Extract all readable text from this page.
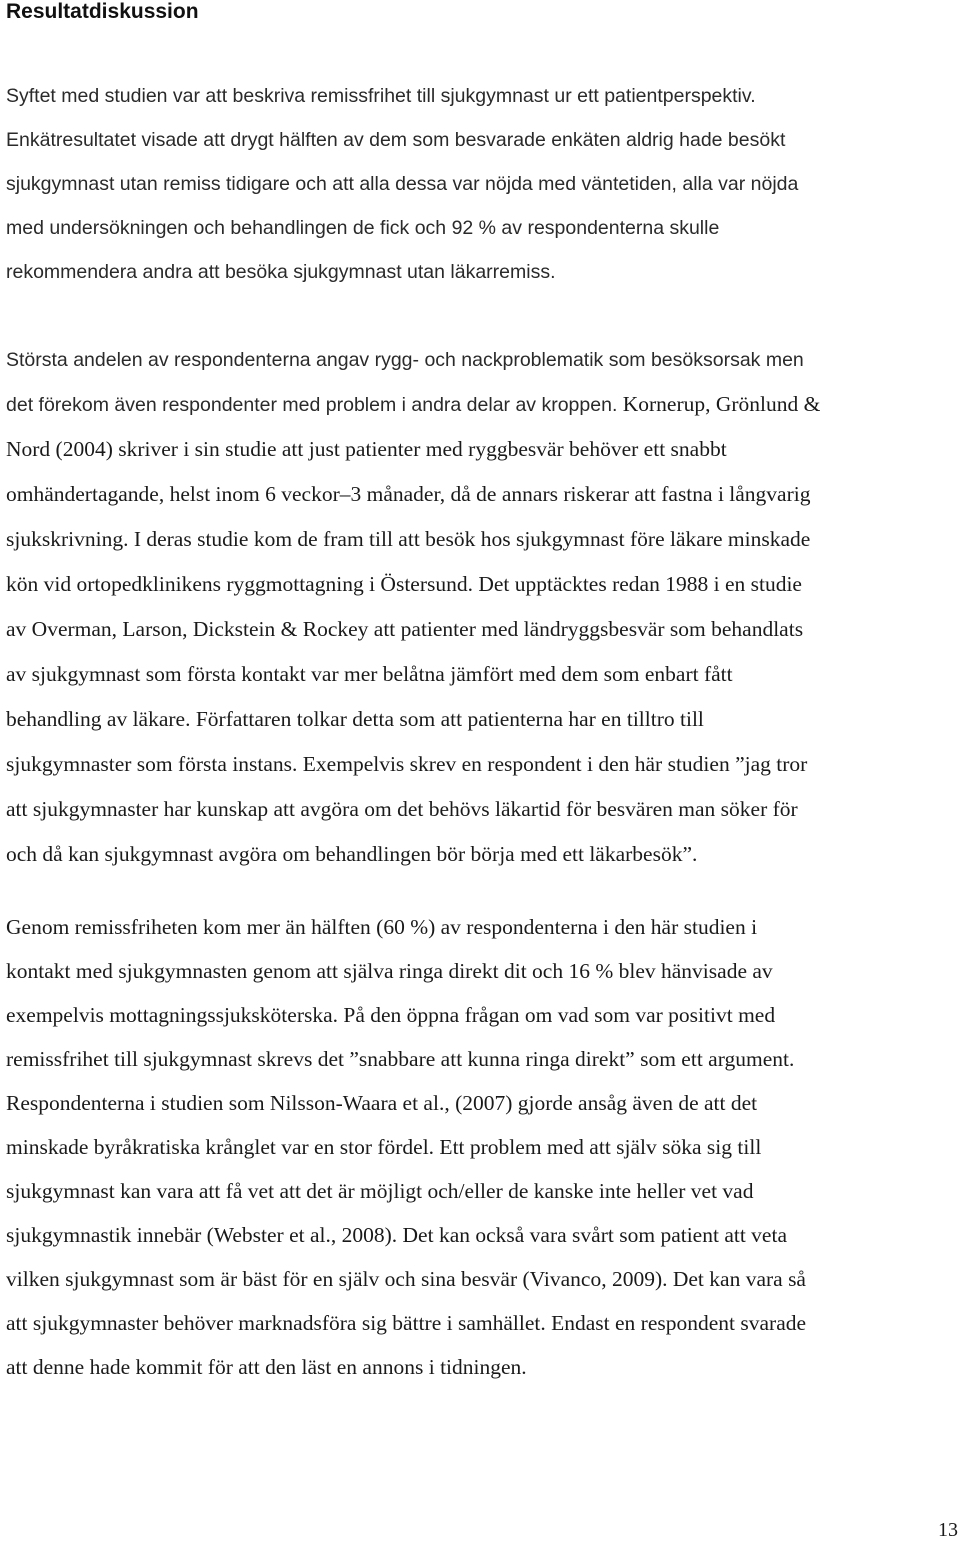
Resultatdiskussion
Syftet med studien var att beskriva remissfrihet till sjukgymnast ur ett patientperspektiv.
Enkätresultatet visade att drygt hälften av dem som besvarade enkäten aldrig hade besökt
sjukgymnast utan remiss tidigare och att alla dessa var nöjda med väntetiden, alla var nöjda
med undersökningen och behandlingen de fick och 92 % av respondenterna skulle
rekommendera andra att besöka sjukgymnast utan läkarremiss.
Största andelen av respondenterna angav rygg- och nackproblematik som besöksorsak men
det förekom även respondenter med problem i andra delar av kroppen. Kornerup, Grönlund &
Nord (2004) skriver i sin studie att just patienter med ryggbesvär behöver ett snabbt
omhändertagande, helst inom 6 veckor–3 månader, då de annars riskerar att fastna i långvarig
sjukskrivning. I deras studie kom de fram till att besök hos sjukgymnast före läkare minskade
kön vid ortopedklinikens ryggmottagning i Östersund. Det upptäcktes redan 1988 i en studie
av Overman, Larson, Dickstein & Rockey att patienter med ländryggsbesvär som behandlats
av sjukgymnast som första kontakt var mer belåtna jämfört med dem som enbart fått
behandling av läkare. Författaren tolkar detta som att patienterna har en tilltro till
sjukgymnaster som första instans. Exempelvis skrev en respondent i den här studien ”jag tror
att sjukgymnaster har kunskap att avgöra om det behövs läkartid för besvären man söker för
och då kan sjukgymnast avgöra om behandlingen bör börja med ett läkarbesök”.
Genom remissfriheten kom mer än hälften (60 %) av respondenterna i den här studien i
kontakt med sjukgymnasten genom att själva ringa direkt dit och 16 % blev hänvisade av
exempelvis mottagningssjuksköterska. På den öppna frågan om vad som var positivt med
remissfrihet till sjukgymnast skrevs det ”snabbare att kunna ringa direkt” som ett argument.
Respondenterna i studien som Nilsson-Waara et al., (2007) gjorde ansåg även de att det
minskade byråkratiska krånglet var en stor fördel. Ett problem med att själv söka sig till
sjukgymnast kan vara att få vet att det är möjligt och/eller de kanske inte heller vet vad
sjukgymnastik innebär (Webster et al., 2008). Det kan också vara svårt som patient att veta
vilken sjukgymnast som är bäst för en själv och sina besvär (Vivanco, 2009). Det kan vara så
att sjukgymnaster behöver marknadsföra sig bättre i samhället. Endast en respondent svarade
att denne hade kommit för att den läst en annons i tidningen.
13
